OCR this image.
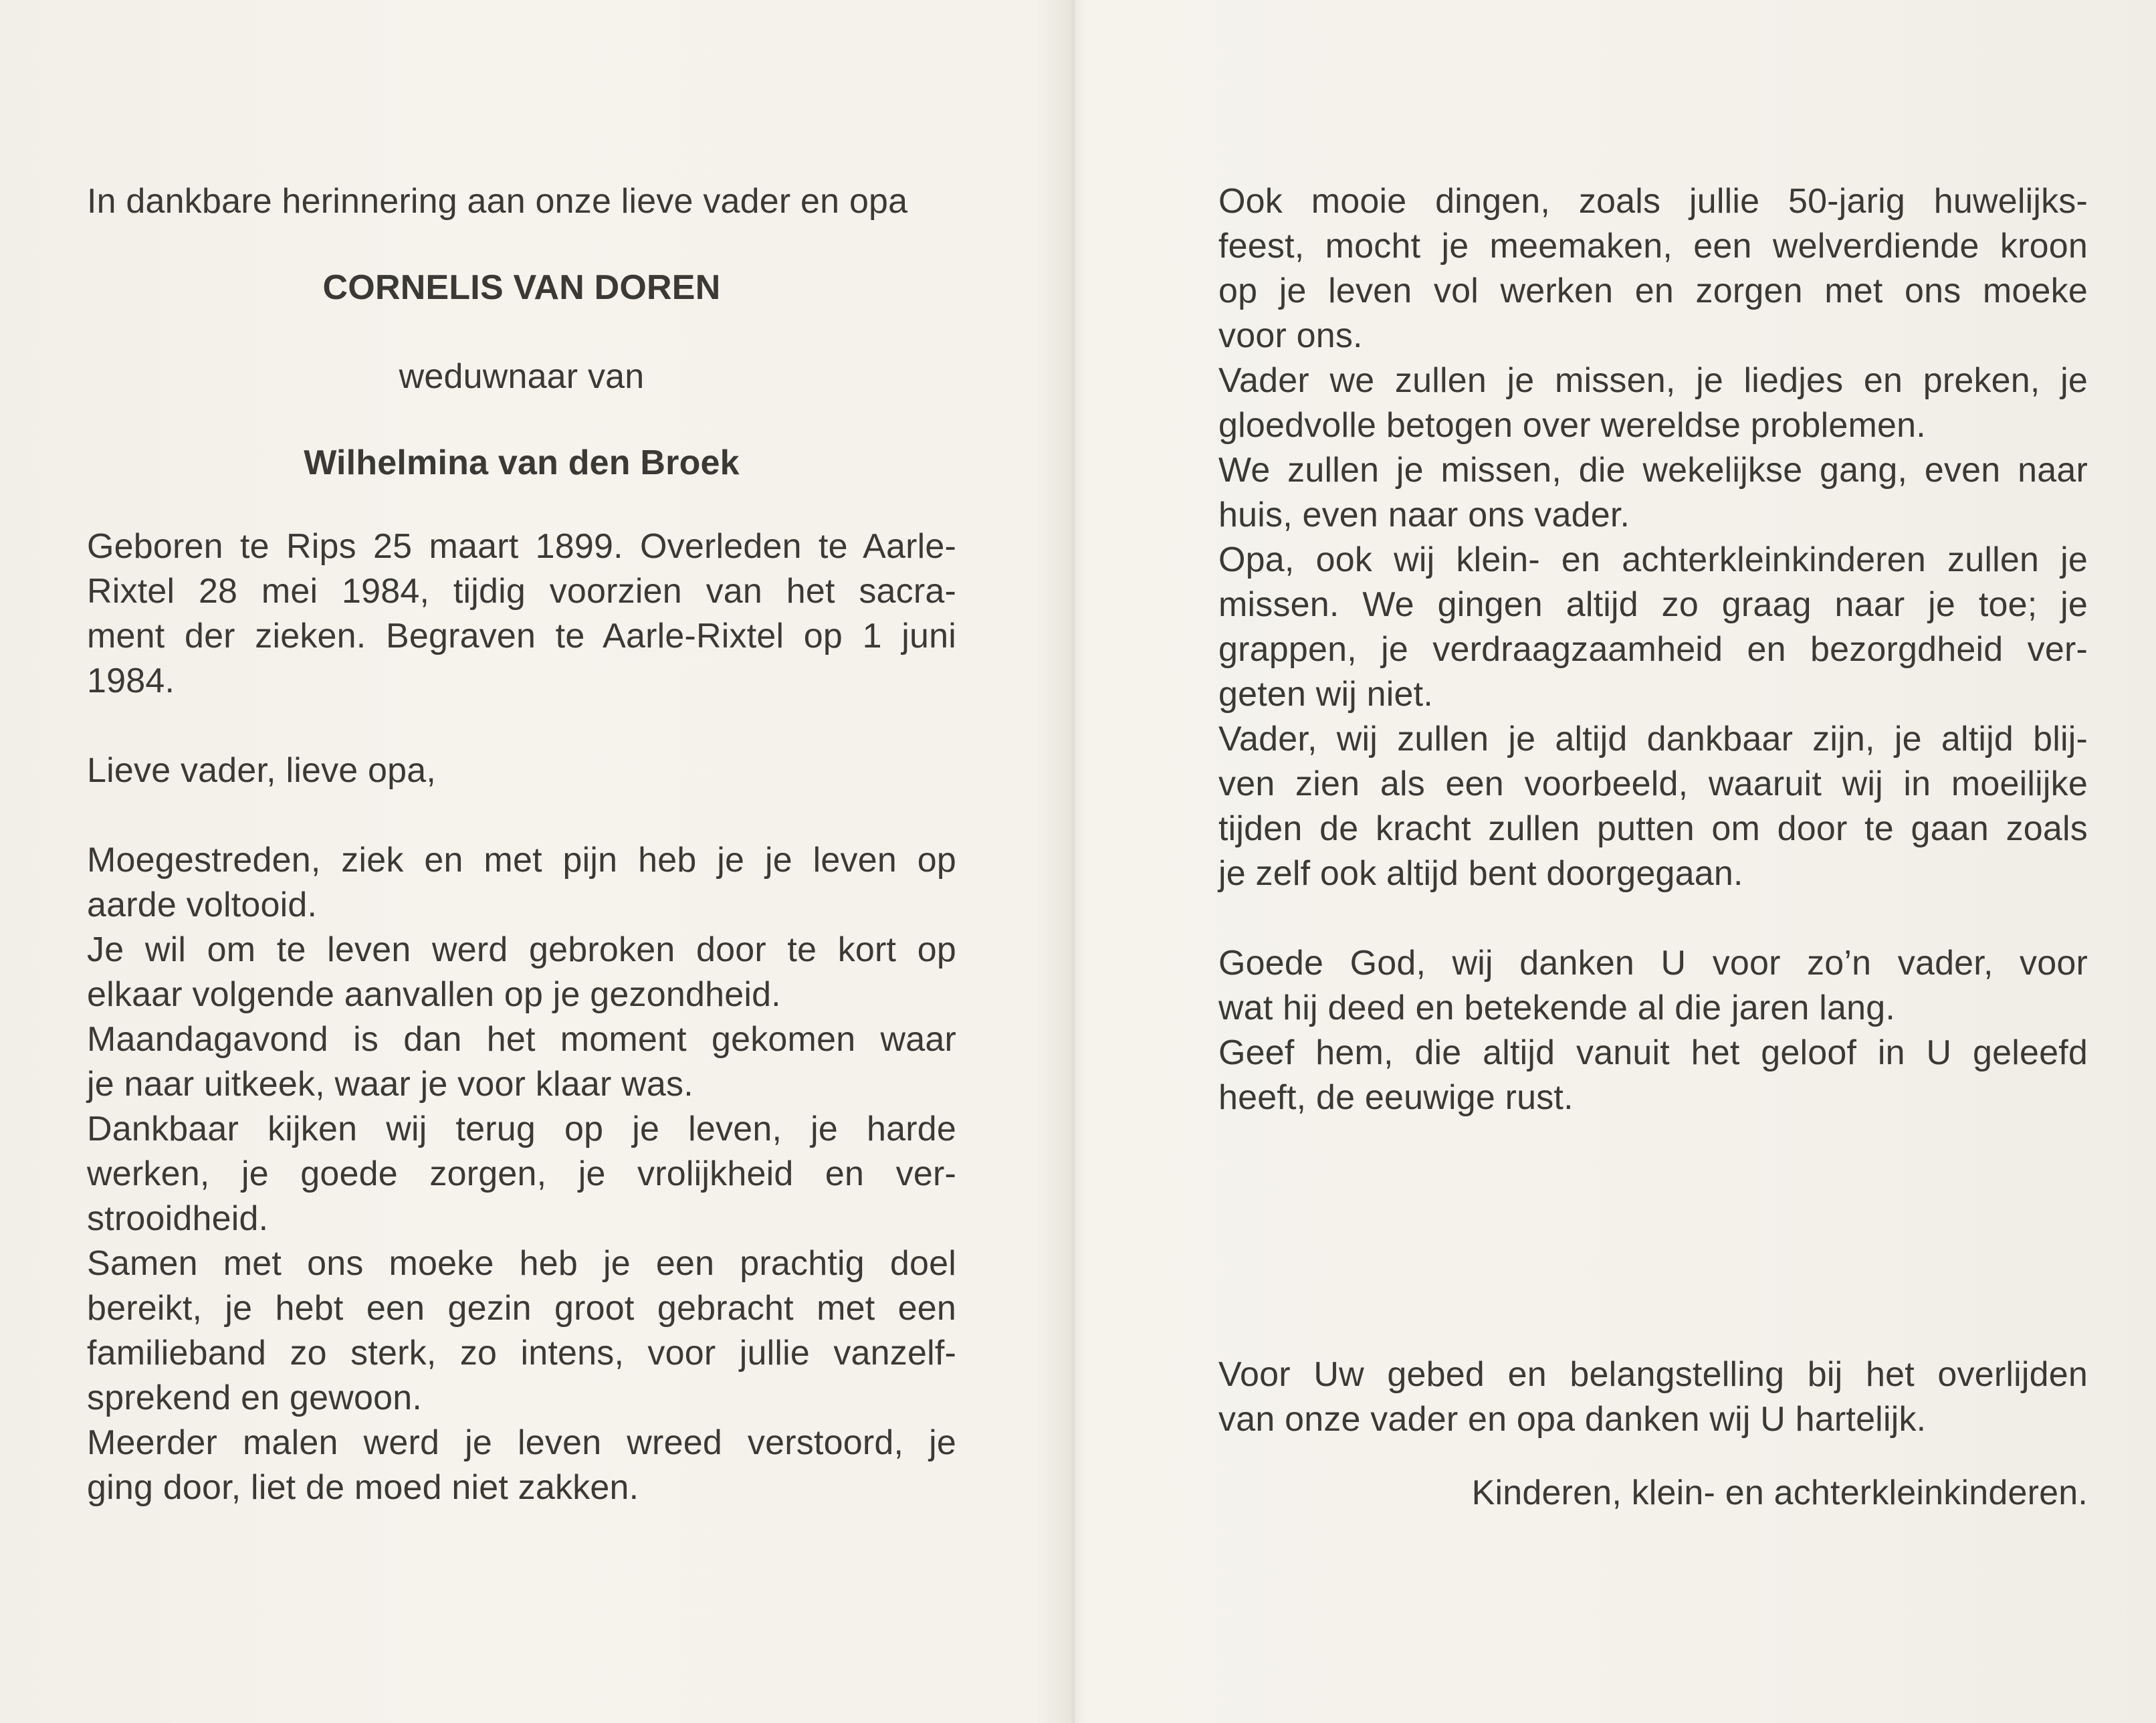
In dankbare herinnering aan onze lieve vader en opa
CORNELIS VAN DOREN
weduwnaar van
Wilhelmina van den Broek
Geboren te Rips 25 maart 1899. Overleden te Aarle-
Rixtel 28 mei 1984, tijdig voorzien van het sacra-
ment der zieken. Begraven te Aarle-Rixtel op 1 juni
1984.
Lieve vader, lieve opa,
Moegestreden, ziek en met pijn heb je je leven op
aarde voltooid.
Je wil om te leven werd gebroken door te kort op
elkaar volgende aanvallen op je gezondheid.
Maandagavond is dan het moment gekomen waar
je naar uitkeek, waar je voor klaar was.
Dankbaar kijken wij terug op je leven, je harde
werken, je goede zorgen, je vrolijkheid en ver-
strooidheid.
Samen met ons moeke heb je een prachtig doel
bereikt, je hebt een gezin groot gebracht met een
familieband zo sterk, zo intens, voor jullie vanzelf-
sprekend en gewoon.
Meerder malen werd je leven wreed verstoord, je
ging door, liet de moed niet zakken.
Ook mooie dingen, zoals jullie 50-jarig huwelijks-
feest, mocht je meemaken, een welverdiende kroon
op je leven vol werken en zorgen met ons moeke
voor ons.
Vader we zullen je missen, je liedjes en preken, je
gloedvolle betogen over wereldse problemen.
We zullen je missen, die wekelijkse gang, even naar
huis, even naar ons vader.
Opa, ook wij klein- en achterkleinkinderen zullen je
missen. We gingen altijd zo graag naar je toe; je
grappen, je verdraagzaamheid en bezorgdheid ver-
geten wij niet.
Vader, wij zullen je altijd dankbaar zijn, je altijd blij-
ven zien als een voorbeeld, waaruit wij in moeilijke
tijden de kracht zullen putten om door te gaan zoals
je zelf ook altijd bent doorgegaan.
Goede God, wij danken U voor zo’n vader, voor
wat hij deed en betekende al die jaren lang.
Geef hem, die altijd vanuit het geloof in U geleefd
heeft, de eeuwige rust.
Voor Uw gebed en belangstelling bij het overlijden
van onze vader en opa danken wij U hartelijk.
Kinderen, klein- en achterkleinkinderen.
